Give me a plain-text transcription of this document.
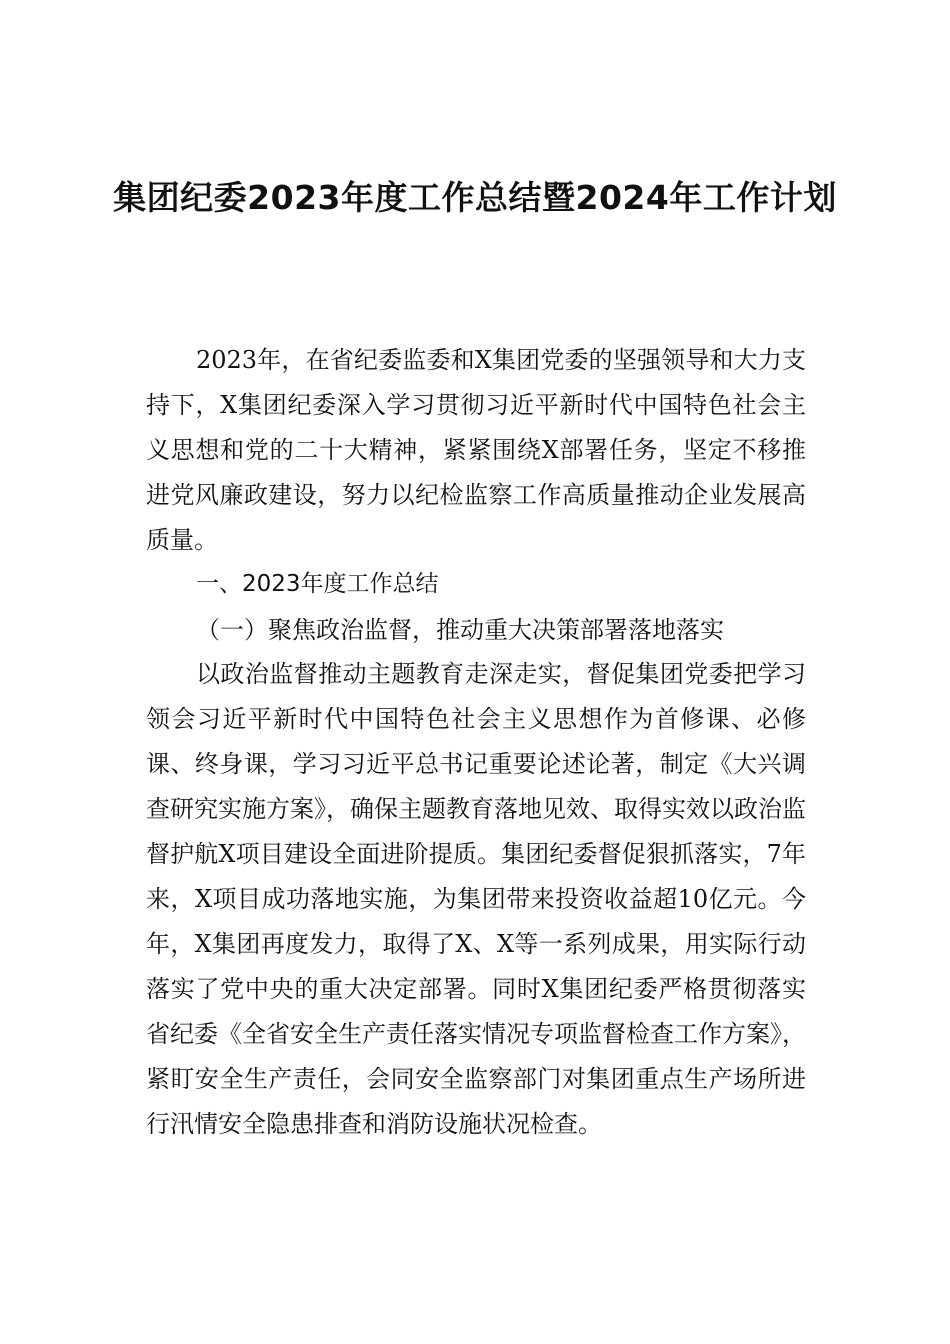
集团纪委2023年度工作总结暨2024年工作计划

2023年，在省纪委监委和X集团党委的坚强领导和大力支持下，X集团纪委深入学习贯彻习近平新时代中国特色社会主义思想和党的二十大精神，紧紧围绕X部署任务，坚定不移推进党风廉政建设，努力以纪检监察工作高质量推动企业发展高质量。

一、2023年度工作总结
（一）聚焦政治监督，推动重大决策部署落地落实

以政治监督推动主题教育走深走实，督促集团党委把学习领会习近平新时代中国特色社会主义思想作为首修课、必修课、终身课，学习习近平总书记重要论述论著，制定《大兴调查研究实施方案》，确保主题教育落地见效、取得实效以政治监督护航X项目建设全面进阶提质。集团纪委督促狠抓落实，7年来，X项目成功落地实施，为集团带来投资收益超10亿元。今年，X集团再度发力，取得了X、X等一系列成果，用实际行动落实了党中央的重大决定部署。同时X集团纪委严格贯彻落实省纪委《全省安全生产责任落实情况专项监督检查工作方案》，紧盯安全生产责任，会同安全监察部门对集团重点生产场所进行汛情安全隐患排查和消防设施状况检查。
